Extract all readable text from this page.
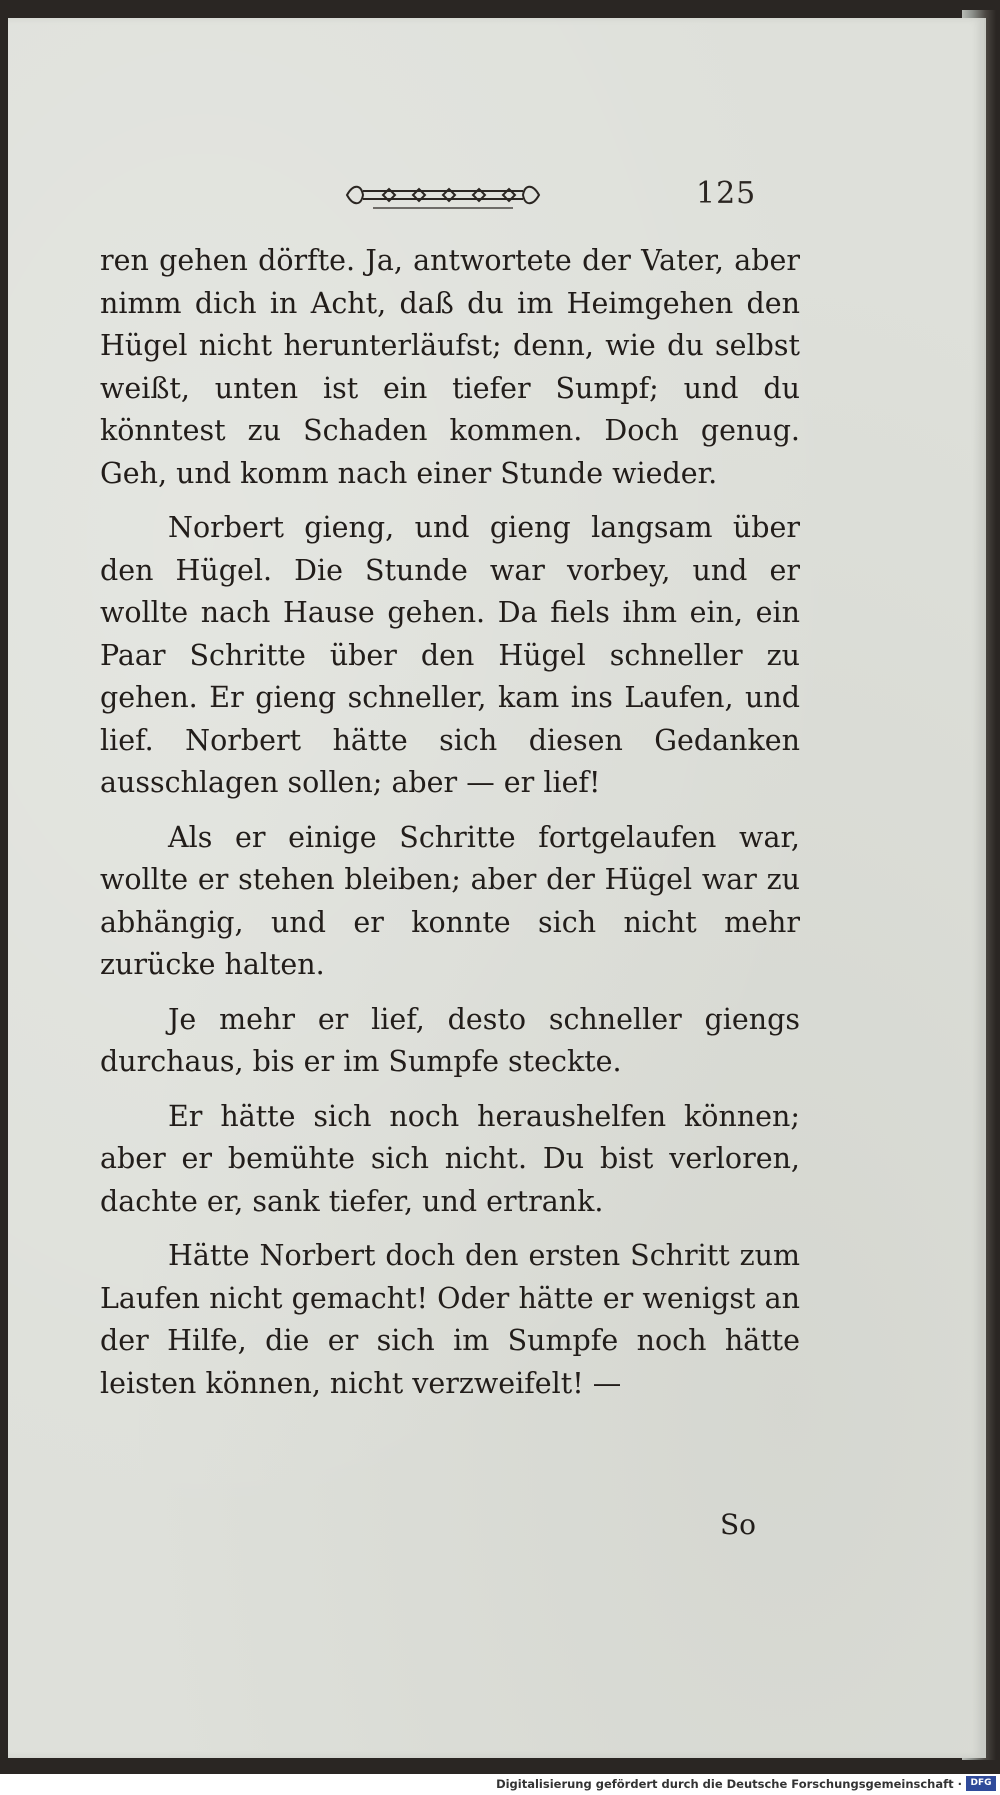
125

ren gehen dörfte. Ja, antwortete der Vater, aber nimm dich in Acht, daß du im Heimgehen den Hügel nicht herunterläufst; denn, wie du selbst weißt, unten ist ein tiefer Sumpf; und du könntest zu Schaden kommen. Doch genug. Geh, und komm nach einer Stunde wieder.

Norbert gieng, und gieng langsam über den Hügel. Die Stunde war vorbey, und er wollte nach Hause gehen. Da fiels ihm ein, ein Paar Schritte über den Hügel schneller zu gehen. Er gieng schneller, kam ins Laufen, und lief. Norbert hätte sich diesen Gedanken ausschlagen sollen; aber — er lief!

Als er einige Schritte fortgelaufen war, wollte er stehen bleiben; aber der Hügel war zu abhängig, und er konnte sich nicht mehr zurücke halten.

Je mehr er lief, desto schneller giengs durchaus, bis er im Sumpfe steckte.

Er hätte sich noch heraushelfen können; aber er bemühte sich nicht. Du bist verloren, dachte er, sank tiefer, und ertrank.

Hätte Norbert doch den ersten Schritt zum Laufen nicht gemacht! Oder hätte er wenigst an der Hilfe, die er sich im Sumpfe noch hätte leisten können, nicht verzweifelt! —

So
Digitalisierung gefördert durch die Deutsche Forschungsgemeinschaft · DFG
